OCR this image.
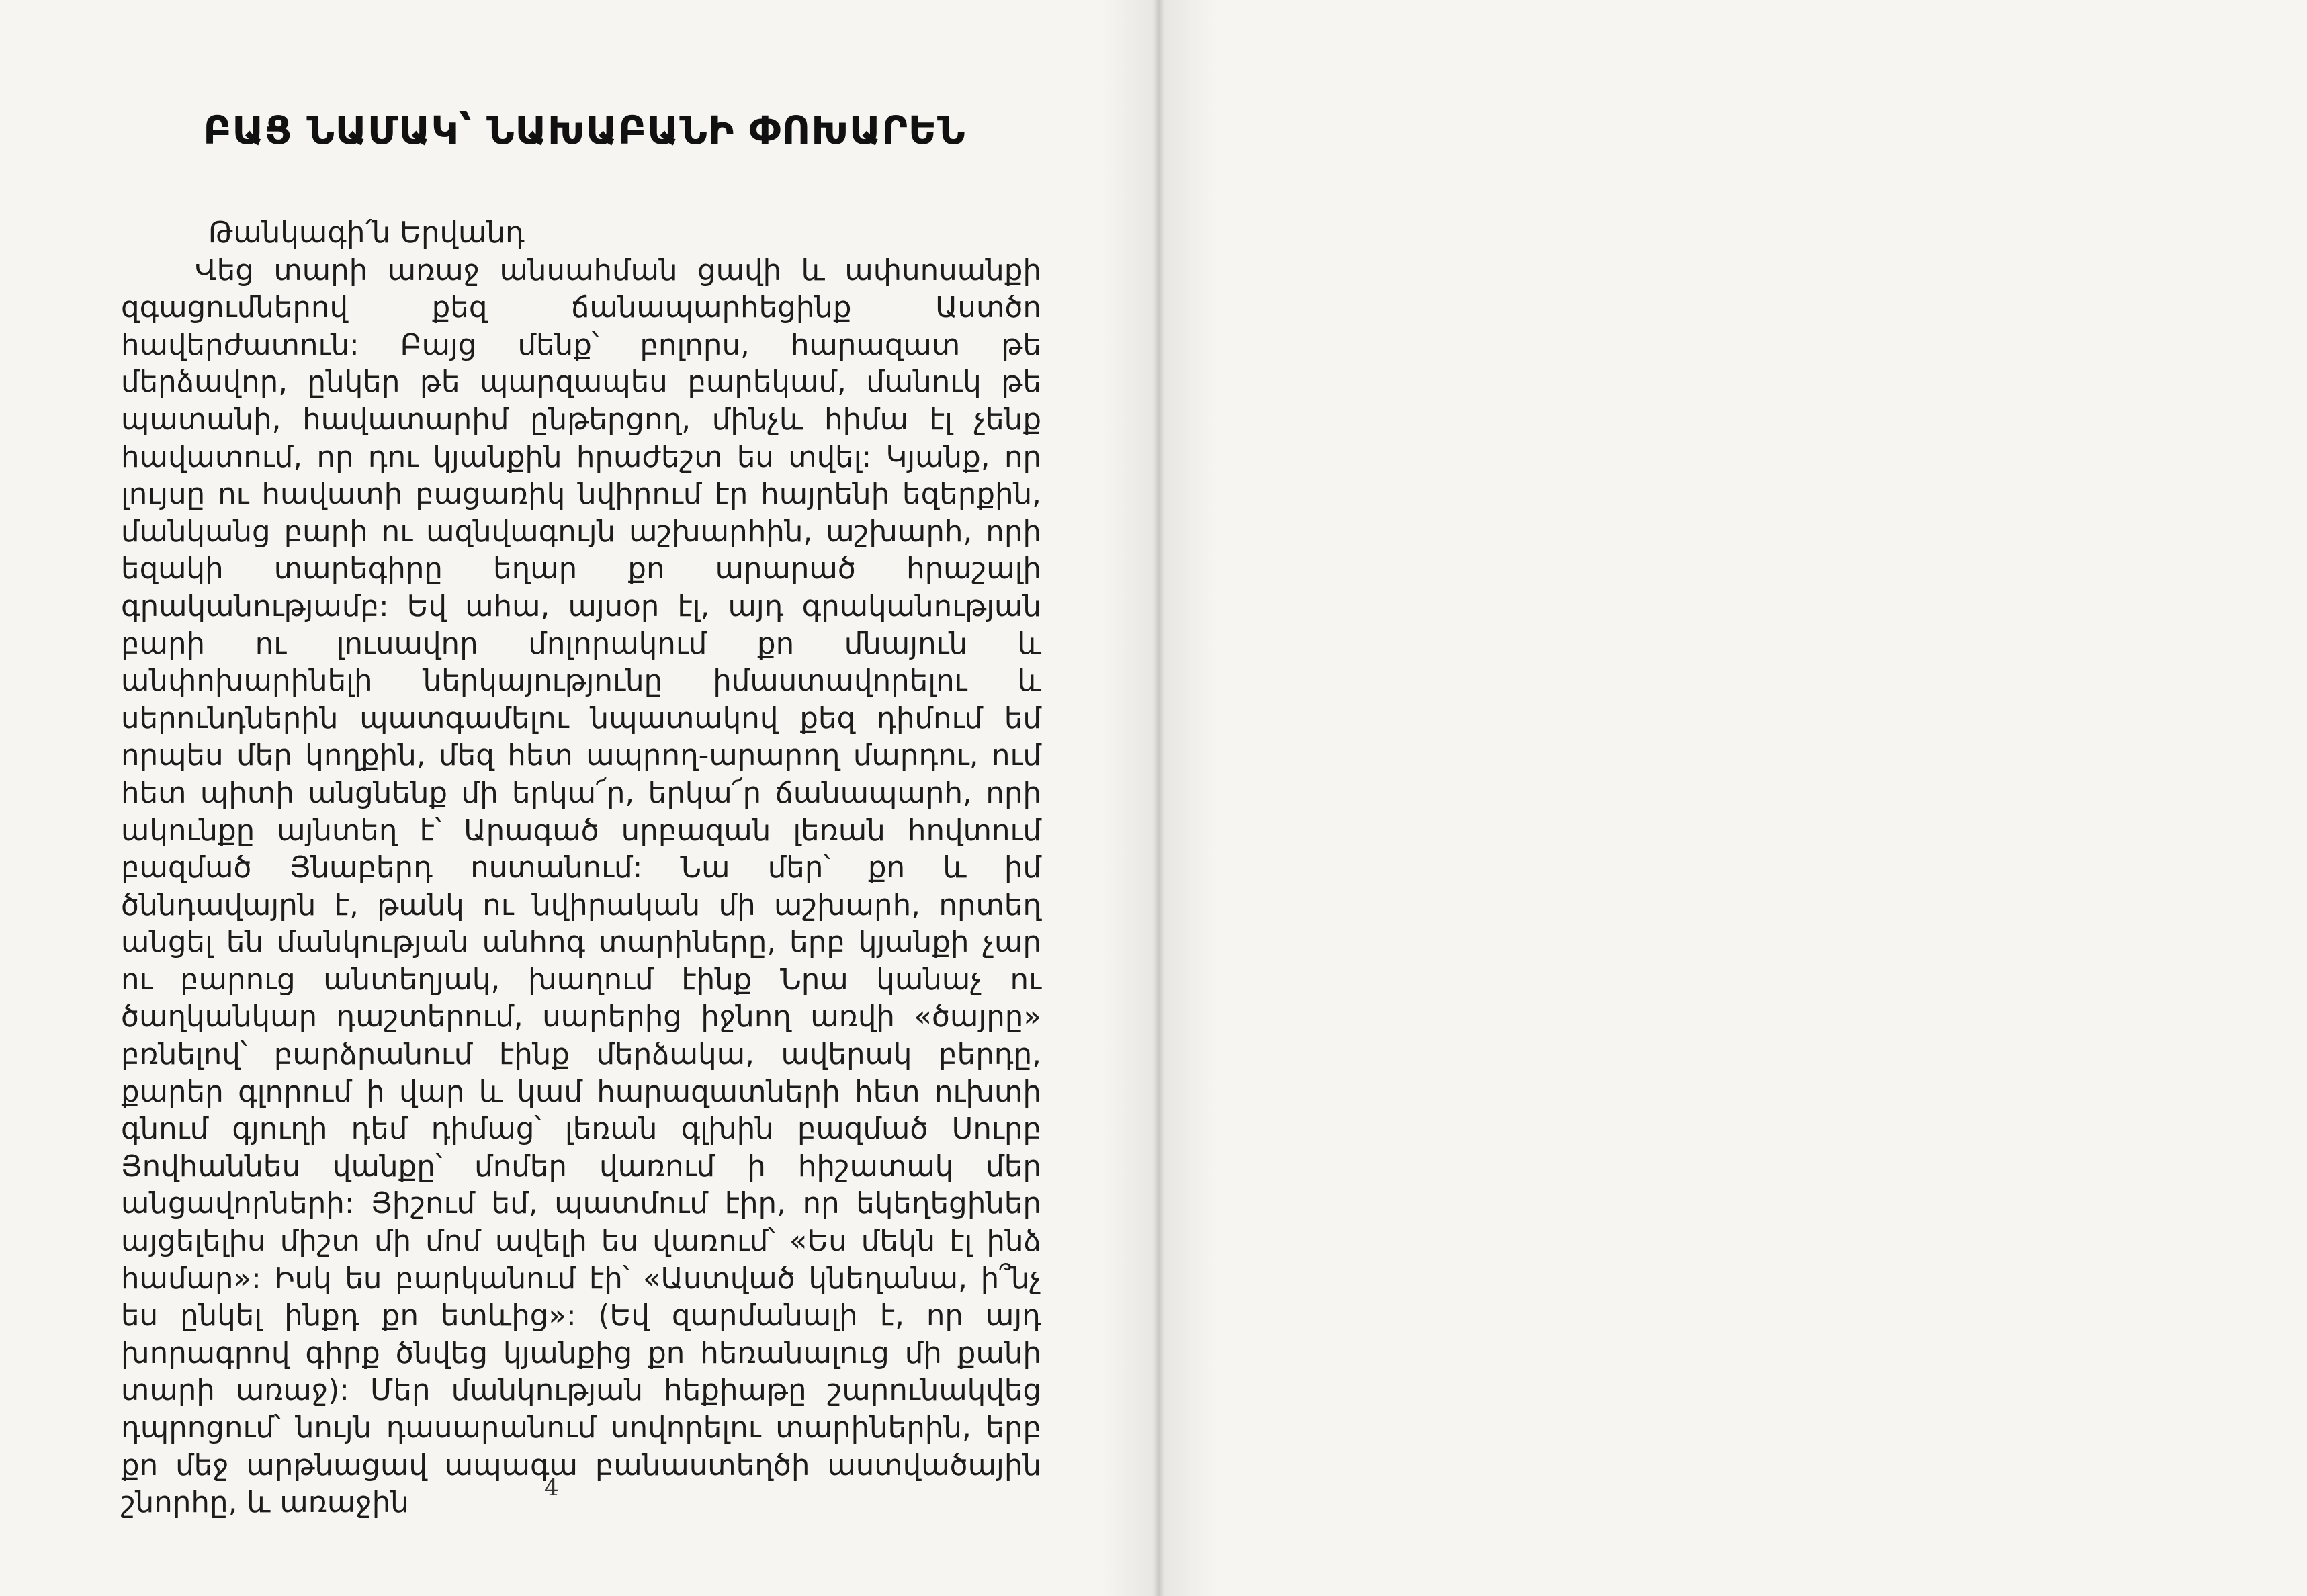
ԲԱՑ ՆԱՄԱԿ՝ ՆԱԽԱԲԱՆԻ ՓՈԽԱՐԵՆ

Թանկագի՛ն Երվանդ

Վեց տարի առաջ անսահման ցավի և ափսոսանքի զգացումներով քեզ ճանապարհեցինք Աստծո հավերժատուն: Բայց մենք՝ բոլորս, հարազատ թե մերձավոր, ընկեր թե պարզապես բարեկամ, մանուկ թե պատանի, հավատարիմ ընթերցող, մինչև հիմա էլ չենք հավատում, որ դու կյանքին հրաժեշտ ես տվել: Կյանք, որ լույսը ու հավատի բացառիկ նվիրում էր հայրենի եզերքին, մանկանց բարի ու ազնվագույն աշխարհին, աշխարհ, որի եզակի տարեգիրը եղար քո արարած հրաշալի գրականությամբ: Եվ ահա, այսօր էլ, այդ գրականության բարի ու լուսավոր մոլորակում քո մնայուն և անփոխարինելի ներկայությունը իմաստավորելու և սերունդներին պատգամելու նպատակով քեզ դիմում եմ որպես մեր կողքին, մեզ հետ ապրող-արարող մարդու, ում հետ պիտի անցնենք մի երկա՜ր, երկա՜ր ճանապարհ, որի ակունքը այնտեղ է՝ Արագած սրբազան լեռան հովտում բազմած Յնաբերդ ոստանում: Նա մեր՝ քո և իմ ծննդավայրն է, թանկ ու նվիրական մի աշխարհ, որտեղ անցել են մանկության անհոգ տարիները, երբ կյանքի չար ու բարուց անտեղյակ, խաղում էինք Նրա կանաչ ու ծաղկանկար դաշտերում, սարերից իջնող առվի «ծայրը» բռնելով՝ բարձրանում էինք մերձակա, ավերակ բերդը, քարեր գլորում ի վար և կամ հարազատների հետ ուխտի գնում գյուղի դեմ դիմաց՝ լեռան գլխին բազմած Սուրբ Յովհաննես վանքը՝ մոմեր վառում ի հիշատակ մեր անցավորների: Յիշում եմ, պատմում էիր, որ եկեղեցիներ այցելելիս միշտ մի մոմ ավելի ես վառում՝ «Ես մեկն էլ ինձ համար»: Իսկ ես բարկանում էի՝ «Աստված կնեղանա, ի՞նչ ես ընկել ինքդ քո ետևից»: (Եվ զարմանալի է, որ այդ խորագրով գիրք ծնվեց կյանքից քո հեռանալուց մի քանի տարի առաջ): Մեր մանկության հեքիաթը շարունակվեց դպրոցում՝ նույն դասարանում սովորելու տարիներին, երբ քո մեջ արթնացավ ապագա բանաստեղծի աստվածային շնորհը, և առաջին	4
